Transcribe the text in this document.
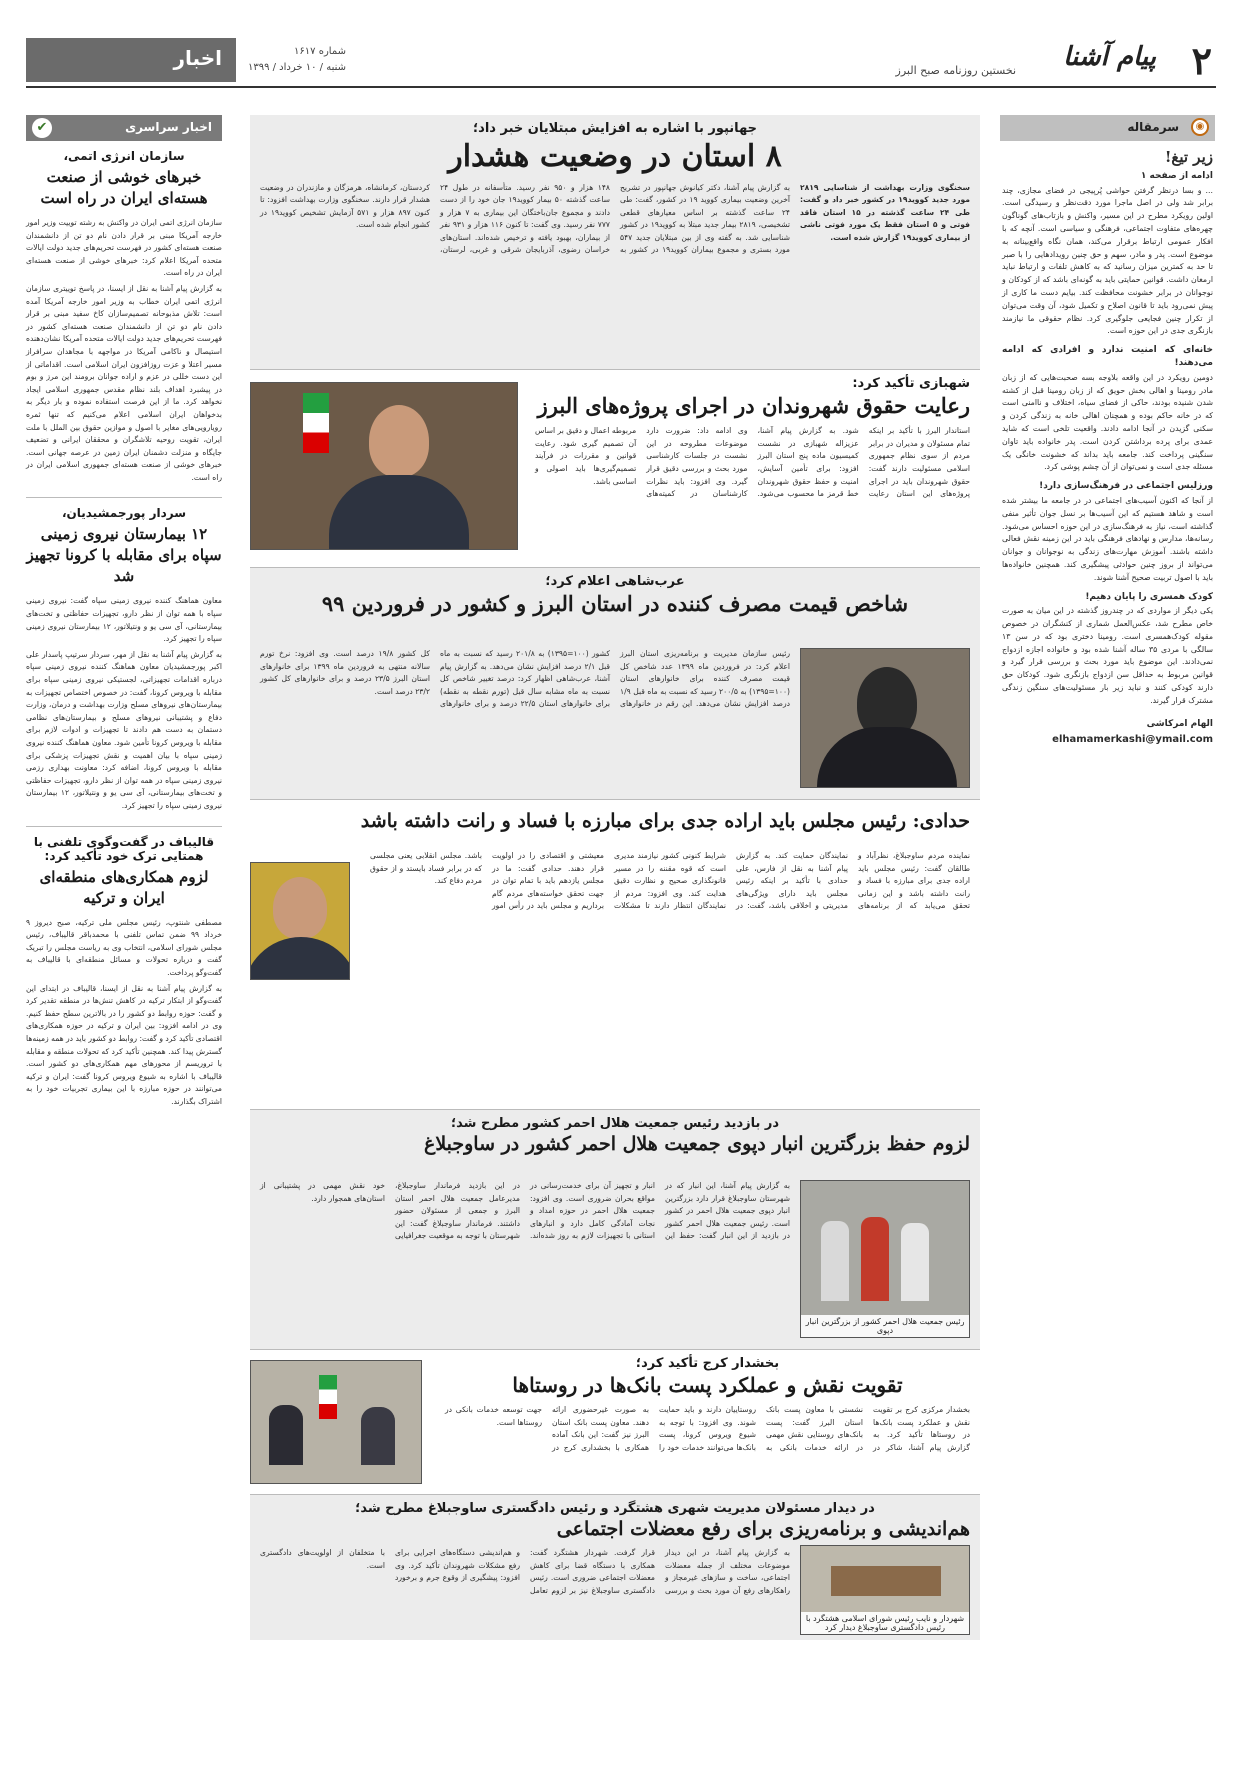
۲
پیام آشنا
نخستین روزنامه صبح البرز
شماره ۱۶۱۷
شنبه / ۱۰ خرداد / ۱۳۹۹
اخبار
◉
سرمقاله
زیر تیغ!
ادامه از صفحه ۱

... و بسا درنظر گرفتن حواشی پُرپیجی در فضای مجازی، چند برابر شد ولی در اصل ماجرا مورد دقت‌نظر و رسیدگی است. اولین رویکرد مطرح در این مسیر، واکنش و بازتاب‌های گوناگون چهره‌های متفاوت اجتماعی، فرهنگی و سیاسی است. آنچه که با افکار عمومی ارتباط برقرار می‌کند، همان نگاه واقع‌بینانه به موضوع است. پدر و مادر، سهم و حق چنین رویدادهایی را با صبر تا حد به کمترین میزان رسانید که به کاهش تلفات و ارتباط نباید ارمغان داشت. قوانین حمایتی باید به گونه‌ای باشد که از کودکان و نوجوانان در برابر خشونت محافظت کند. بیایم دست ما کاری از پیش نمی‌رود باید تا قانون اصلاح و تکمیل شود، آن وقت می‌توان از تکرار چنین فجایعی جلوگیری کرد. نظام حقوقی ما نیازمند بازنگری جدی در این حوزه است.

خانه‌ای که امنیت ندارد و افرادی که ادامه می‌دهند!

دومین رویکرد در این واقعه بلاوجه بسه صحبت‌هایی که از زبان مادر رومینا و اهالی بخش حویق که از زبان رومینا قبل از کشته شدن شنیده بودند، حاکی از فضای سیاه، اختلاف و ناامنی است که در خانه حاکم بوده و همچنان اهالی خانه به زندگی کردن و سکنی گزیدن در آنجا ادامه دادند. واقعیت تلخی است که شاید عمدی برای پرده برداشتن کردن است. پدر خانواده باید تاوان سنگینی پرداخت کند. جامعه باید بداند که خشونت خانگی یک مسئله جدی است و نمی‌توان از آن چشم پوشی کرد.

ورزلیس اجتماعی در فرهنگ‌سازی دارد!

از آنجا که اکنون آسیب‌های اجتماعی در در جامعه ما بیشتر شده است و شاهد هستیم که این آسیب‌ها بر نسل جوان تأثیر منفی گذاشته است، نیاز به فرهنگ‌سازی در این حوزه احساس می‌شود. رسانه‌ها، مدارس و نهادهای فرهنگی باید در این زمینه نقش فعالی داشته باشند. آموزش مهارت‌های زندگی به نوجوانان و جوانان می‌تواند از بروز چنین حوادثی پیشگیری کند. همچنین خانواده‌ها باید با اصول تربیت صحیح آشنا شوند.

کودک همسری را پایان دهیم!

یکی دیگر از مواردی که در چندروز گذشته در این میان به صورت خاص مطرح شد، عکس‌العمل شماری از کنشگران در خصوص مقوله کودک‌همسری است. رومینا دختری بود که در سن ۱۳ سالگی با مردی ۳۵ ساله آشنا شده بود و خانواده اجازه ازدواج نمی‌دادند. این موضوع باید مورد بحث و بررسی قرار گیرد و قوانین مربوط به حداقل سن ازدواج بازنگری شود. کودکان حق دارند کودکی کنند و نباید زیر بار مسئولیت‌های سنگین زندگی مشترک قرار گیرند.

الهام امرکاشی
elhamamerkashi@ymail.com
✔	اخبار سراسری
سازمان انرژی اتمی،
خبرهای خوشی از صنعت هسته‌ای ایران در راه است

سازمان انرژی اتمی ایران در واکنش به رشته توییت وزیر امور خارجه آمریکا مبنی بر قرار دادن نام دو تن از دانشمندان صنعت هسته‌ای کشور در فهرست تحریم‌های جدید دولت ایالات متحده آمریکا اعلام کرد: خبرهای خوشی از صنعت هسته‌ای ایران در راه است.

به گزارش پیام آشنا به نقل از ایسنا، در پاسخ توییتری سازمان انرژی اتمی ایران خطاب به وزیر امور خارجه آمریکا آمده است: تلاش مذبوحانه تصمیم‌سازان کاخ سفید مبنی بر قرار دادن نام دو تن از دانشمندان صنعت هسته‌ای کشور در فهرست تحریم‌های جدید دولت ایالات متحده آمریکا نشان‌دهنده استیصال و ناکامی آمریکا در مواجهه با مجاهدان سرافراز مسیر اعتلا و عزت روزافزون ایران اسلامی است. اقداماتی از این دست خللی در عزم و اراده جوانان برومند این مرز و بوم در پیشبرد اهداف بلند نظام مقدس جمهوری اسلامی ایجاد نخواهد کرد. ما از این فرصت استفاده نموده و بار دیگر به بدخواهان ایران اسلامی اعلام می‌کنیم که تنها ثمره رویارویی‌های مغایر با اصول و موازین حقوق بین الملل با ملت ایران، تقویت روحیه تلاشگران و محققان ایرانی و تضعیف جایگاه و منزلت دشمنان ایران زمین در عرصه جهانی است. خبرهای خوشی از صنعت هسته‌ای جمهوری اسلامی ایران در راه است.

سردار پورجمشیدیان،
۱۲ بیمارستان نیروی زمینی سپاه برای مقابله با کرونا تجهیز شد

معاون هماهنگ کننده نیروی زمینی سپاه گفت: نیروی زمینی سپاه با همه توان از نظر دارو، تجهیزات حفاظتی و تخت‌های بیمارستانی، آی سی یو و ونتیلاتور، ۱۲ بیمارستان نیروی زمینی سپاه را تجهیز کرد.

به گزارش پیام آشنا به نقل از مهر، سردار سرتیپ پاسدار علی اکبر پورجمشیدیان معاون هماهنگ کننده نیروی زمینی سپاه درباره اقدامات تجهیزاتی، لجستیکی نیروی زمینی سپاه برای مقابله با ویروس کرونا، گفت: در خصوص اختصاص تجهیزات به بیمارستان‌های نیروهای مسلح وزارت بهداشت و درمان، وزارت دفاع و پشتیبانی نیروهای مسلح و بیمارستان‌های نظامی دستمان به دست هم دادند تا تجهیزات و ادوات لازم برای مقابله با ویروس کرونا تأمین شود. معاون هماهنگ کننده نیروی زمینی سپاه با بیان اهمیت و نقش تجهیزات پزشکی برای مقابله با ویروس کرونا، اضافه کرد: معاونت بهداری رزمی نیروی زمینی سپاه در همه توان از نظر دارو، تجهیزات حفاظتی و تخت‌های بیمارستانی، آی سی یو و ونتیلاتور، ۱۲ بیمارستان نیروی زمینی سپاه را تجهیز کرد.

قالیباف در گفت‌وگوی تلفنی با همتایی ترک خود تأکید کرد:
لزوم همکاری‌های منطقه‌ای ایران و ترکیه

مصطفی شنتوپ، رئیس مجلس ملی ترکیه، صبح دیروز ۹ خرداد ۹۹ ضمن تماس تلفنی با محمدباقر قالیباف، رئیس مجلس شورای اسلامی، انتخاب وی به ریاست مجلس را تبریک گفت و درباره تحولات و مسائل منطقه‌ای با قالیباف به گفت‌وگو پرداخت.

به گزارش پیام آشنا به نقل از ایسنا، قالیباف در ابتدای این گفت‌وگو از ابتکار ترکیه در کاهش تنش‌ها در منطقه تقدیر کرد و گفت: حوزه روابط دو کشور را در بالاترین سطح حفظ کنیم. وی در ادامه افزود: بین ایران و ترکیه در حوزه همکاری‌های اقتصادی تأکید کرد و گفت: روابط دو کشور باید در همه زمینه‌ها گسترش پیدا کند. همچنین تأکید کرد که تحولات منطقه و مقابله با تروریسم از محورهای مهم همکاری‌های دو کشور است. قالیباف با اشاره به شیوع ویروس کرونا گفت: ایران و ترکیه می‌توانند در حوزه مبارزه با این بیماری تجربیات خود را به اشتراک بگذارند.

جهانپور با اشاره به افزایش مبتلایان خبر داد؛
۸ استان در وضعیت هشدار

سخنگوی وزارت بهداشت از شناسایی ۲۸۱۹ مورد جدید کووید۱۹ در کشور خبر داد و گفت: طی ۲۴ ساعت گذشته در ۱۵ استان فاقد فوتی و ۵ استان فقط یک مورد فوتی ناشی از بیماری کووید۱۹ گزارش شده است.

به گزارش پیام آشنا، دکتر کیانوش جهانپور در تشریح آخرین وضعیت بیماری کووید ۱۹ در کشور، گفت: طی ۲۴ ساعت گذشته بر اساس معیارهای قطعی تشخیصی، ۲۸۱۹ بیمار جدید مبتلا به کووید۱۹ در کشور شناسایی شد. به گفته وی از بین مبتلایان جدید ۵۴۷ مورد بستری و مجموع بیماران کووید۱۹ در کشور به ۱۴۸ هزار و ۹۵۰ نفر رسید. متأسفانه در طول ۲۴ ساعت گذشته ۵۰ بیمار کووید۱۹ جان خود را از دست دادند و مجموع جان‌باختگان این بیماری به ۷ هزار و ۷۷۷ نفر رسید. وی گفت: تا کنون ۱۱۶ هزار و ۹۳۱ نفر از بیماران، بهبود یافته و ترخیص شده‌اند. استان‌های خراسان رضوی، آذربایجان شرقی و غربی، لرستان، کردستان، کرمانشاه، هرمزگان و مازندران در وضعیت هشدار قرار دارند. سخنگوی وزارت بهداشت افزود: تا کنون ۸۹۷ هزار و ۵۷۱ آزمایش تشخیص کووید۱۹ در کشور انجام شده است.

شهبازی تأکید کرد:
رعایت حقوق شهروندان در اجرای پروژه‌های البرز

استاندار البرز با تأکید بر اینکه تمام مسئولان و مدیران در برابر مردم از سوی نظام جمهوری اسلامی مسئولیت دارند گفت: حقوق شهروندان باید در اجرای پروژه‌های این استان رعایت شود. به گزارش پیام آشنا، عزیزاله شهبازی در نشست کمیسیون ماده پنج استان البرز افزود: برای تأمین آسایش، امنیت و حفظ حقوق شهروندان خط قرمز ما محسوب می‌شود. وی ادامه داد: ضرورت دارد موضوعات مطروحه در این نشست در جلسات کارشناسی مورد بحث و بررسی دقیق قرار گیرد. وی افزود: باید نظرات کارشناسان در کمیته‌های مربوطه اعمال و دقیق بر اساس آن تصمیم گیری شود. رعایت قوانین و مقررات در فرآیند تصمیم‌گیری‌ها باید اصولی و اساسی باشد.

عرب‌شاهی اعلام کرد؛
شاخص قیمت مصرف کننده در استان البرز و کشور در فروردین ۹۹

رئیس سازمان مدیریت و برنامه‌ریزی استان البرز اعلام کرد: در فروردین ماه ۱۳۹۹ عدد شاخص کل قیمت مصرف کننده برای خانوارهای استان (۱۰۰=۱۳۹۵) به ۲۰۰/۵ رسید که نسبت به ماه قبل ۱/۹ درصد افزایش نشان می‌دهد. این رقم در خانوارهای کشور (۱۰۰=۱۳۹۵) به ۲۰۱/۸ رسید که نسبت به ماه قبل ۲/۱ درصد افزایش نشان می‌دهد. به گزارش پیام آشنا، عرب‌شاهی اظهار کرد: درصد تغییر شاخص کل نسبت به ماه مشابه سال قبل (تورم نقطه به نقطه) برای خانوارهای استان ۲۲/۵ درصد و برای خانوارهای کل کشور ۱۹/۸ درصد است. وی افزود: نرخ تورم سالانه منتهی به فروردین ماه ۱۳۹۹ برای خانوارهای استان البرز ۲۳/۵ درصد و برای خانوارهای کل کشور ۲۳/۲ درصد است.

حدادی: رئیس مجلس باید اراده جدی برای مبارزه با فساد و رانت داشته باشد

نماینده مردم ساوجبلاغ، نظرآباد و طالقان گفت: رئیس مجلس باید اراده جدی برای مبارزه با فساد و رانت داشته باشد و این زمانی تحقق می‌یابد که از برنامه‌های نمایندگان حمایت کند. به گزارش پیام آشنا به نقل از فارس، علی حدادی با تأکید بر اینکه رئیس مجلس باید دارای ویژگی‌های مدیریتی و اخلاقی باشد، گفت: در شرایط کنونی کشور نیازمند مدیری است که قوه مقننه را در مسیر قانونگذاری صحیح و نظارت دقیق هدایت کند. وی افزود: مردم از نمایندگان انتظار دارند تا مشکلات معیشتی و اقتصادی را در اولویت قرار دهند. حدادی گفت: ما در مجلس یازدهم باید با تمام توان در جهت تحقق خواسته‌های مردم گام برداریم و مجلس باید در رأس امور باشد. مجلس انقلابی یعنی مجلسی که در برابر فساد بایستد و از حقوق مردم دفاع کند.

در بازدید رئیس جمعیت هلال احمر کشور مطرح شد؛
لزوم حفظ بزرگترین انبار دپوی جمعیت هلال احمر کشور در ساوجبلاغ
رئیس جمعیت هلال احمر کشور از بزرگترین انبار دپوی

به گزارش پیام آشنا، این انبار که در شهرستان ساوجبلاغ قرار دارد بزرگترین انبار دپوی جمعیت هلال احمر در کشور است. رئیس جمعیت هلال احمر کشور در بازدید از این انبار گفت: حفظ این انبار و تجهیز آن برای خدمت‌رسانی در مواقع بحران ضروری است. وی افزود: جمعیت هلال احمر در حوزه امداد و نجات آمادگی کامل دارد و انبارهای استانی با تجهیزات لازم به روز شده‌اند. در این بازدید فرماندار ساوجبلاغ، مدیرعامل جمعیت هلال احمر استان البرز و جمعی از مسئولان حضور داشتند. فرماندار ساوجبلاغ گفت: این شهرستان با توجه به موقعیت جغرافیایی خود نقش مهمی در پشتیبانی از استان‌های همجوار دارد.

بخشدار کرج تأکید کرد؛
تقویت نقش و عملکرد پست بانک‌ها در روستاها

بخشدار مرکزی کرج بر تقویت نقش و عملکرد پست بانک‌ها در روستاها تأکید کرد. به گزارش پیام آشنا، شاکر در نشستی با معاون پست بانک استان البرز گفت: پست بانک‌های روستایی نقش مهمی در ارائه خدمات بانکی به روستاییان دارند و باید حمایت شوند. وی افزود: با توجه به شیوع ویروس کرونا، پست بانک‌ها می‌توانند خدمات خود را به صورت غیرحضوری ارائه دهند. معاون پست بانک استان البرز نیز گفت: این بانک آماده همکاری با بخشداری کرج در جهت توسعه خدمات بانکی در روستاها است.

در دیدار مسئولان مدیریت شهری هشتگرد و رئیس دادگستری ساوجبلاغ مطرح شد؛
هم‌اندیشی و برنامه‌ریزی برای رفع معضلات اجتماعی
شهردار و نایب رئیس شورای اسلامی هشتگرد با رئیس دادگستری ساوجبلاغ دیدار کرد

به گزارش پیام آشنا، در این دیدار موضوعات مختلف از جمله معضلات اجتماعی، ساخت و سازهای غیرمجاز و راهکارهای رفع آن مورد بحث و بررسی قرار گرفت. شهردار هشتگرد گفت: همکاری با دستگاه قضا برای کاهش معضلات اجتماعی ضروری است. رئیس دادگستری ساوجبلاغ نیز بر لزوم تعامل و هم‌اندیشی دستگاه‌های اجرایی برای رفع مشکلات شهروندان تأکید کرد. وی افزود: پیشگیری از وقوع جرم و برخورد با متخلفان از اولویت‌های دادگستری است.
